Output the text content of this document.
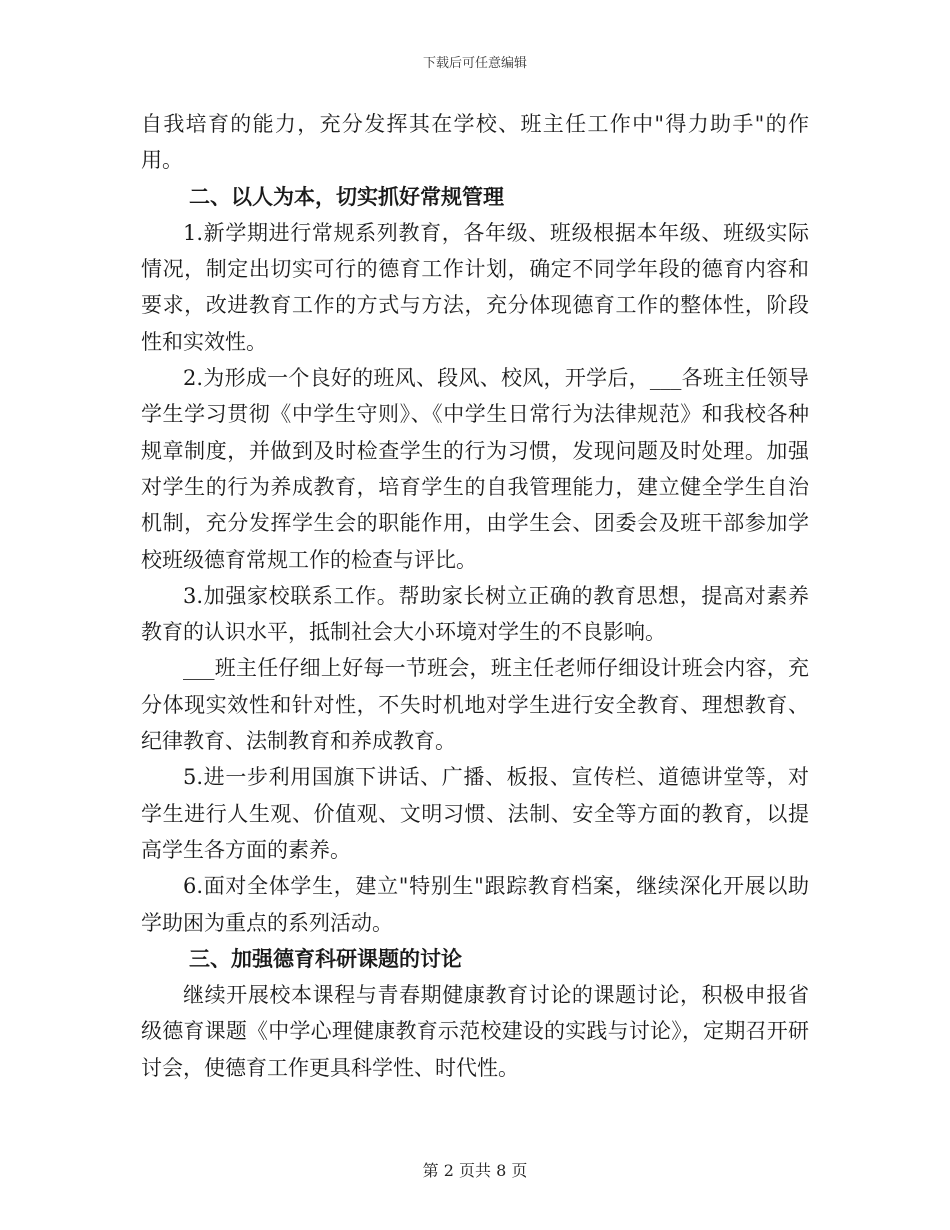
下载后可任意编辑

自我培育的能力，充分发挥其在学校、班主任工作中"得力助手"的作用。

二、以人为本，切实抓好常规管理

1.新学期进行常规系列教育，各年级、班级根据本年级、班级实际情况，制定出切实可行的德育工作计划，确定不同学年段的德育内容和要求，改进教育工作的方式与方法，充分体现德育工作的整体性，阶段性和实效性。

2.为形成一个良好的班风、段风、校风，开学后，___各班主任领导学生学习贯彻《中学生守则》、《中学生日常行为法律规范》和我校各种规章制度，并做到及时检查学生的行为习惯，发现问题及时处理。加强对学生的行为养成教育，培育学生的自我管理能力，建立健全学生自治机制，充分发挥学生会的职能作用，由学生会、团委会及班干部参加学校班级德育常规工作的检查与评比。

3.加强家校联系工作。帮助家长树立正确的教育思想，提高对素养教育的认识水平，抵制社会大小环境对学生的不良影响。

___班主任仔细上好每一节班会，班主任老师仔细设计班会内容，充分体现实效性和针对性，不失时机地对学生进行安全教育、理想教育、纪律教育、法制教育和养成教育。

5.进一步利用国旗下讲话、广播、板报、宣传栏、道德讲堂等，对学生进行人生观、价值观、文明习惯、法制、安全等方面的教育，以提高学生各方面的素养。

6.面对全体学生，建立"特别生"跟踪教育档案，继续深化开展以助学助困为重点的系列活动。

三、加强德育科研课题的讨论

继续开展校本课程与青春期健康教育讨论的课题讨论，积极申报省级德育课题《中学心理健康教育示范校建设的实践与讨论》，定期召开研讨会，使德育工作更具科学性、时代性。

第 2 页共 8 页
